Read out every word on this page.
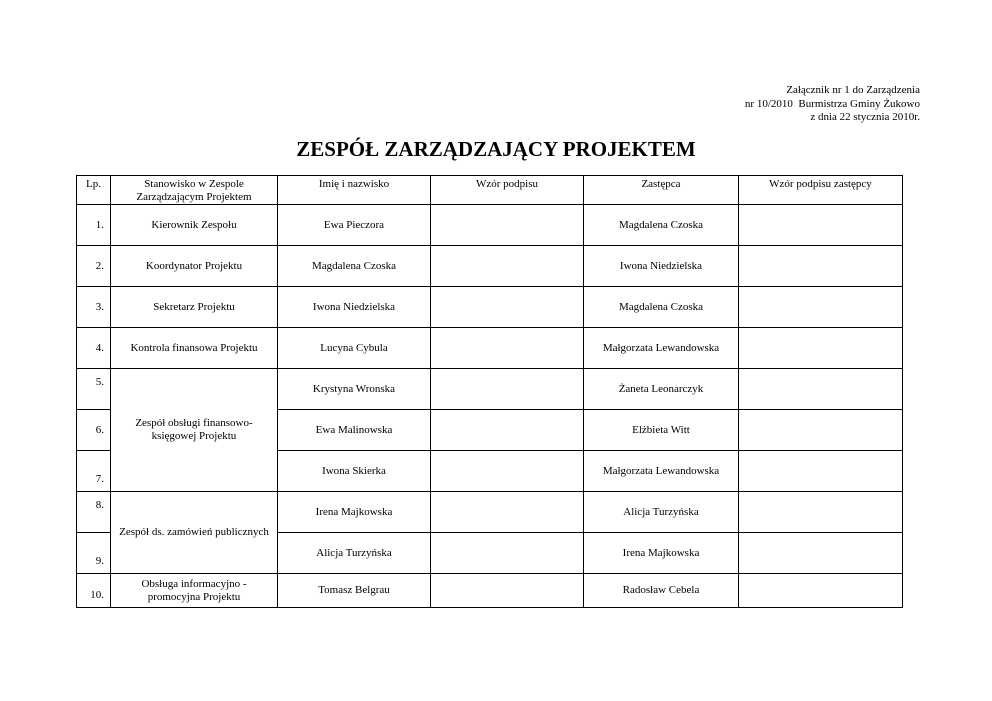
Załącznik nr 1 do Zarządzenia
nr 10/2010  Burmistrza Gminy Żukowo
z dnia 22 stycznia 2010r.
ZESPÓŁ ZARZĄDZAJĄCY PROJEKTEM
Lp.	Stanowisko w Zespole Zarządzającym Projektem	Imię i nazwisko	Wzór podpisu	Zastępca	Wzór podpisu zastępcy
1.	Kierownik Zespołu	Ewa Pieczora		Magdalena Czoska	
2.	Koordynator Projektu	Magdalena Czoska		Iwona Niedzielska	
3.	Sekretarz Projektu	Iwona Niedzielska		Magdalena Czoska	
4.	Kontrola finansowa Projektu	Lucyna Cybula		Małgorzata Lewandowska	
5.	Zespół obsługi finansowo-księgowej Projektu	Krystyna Wronska		Żaneta Leonarczyk	
6.		Ewa Malinowska		Elżbieta Witt	
7.		Iwona Skierka		Małgorzata Lewandowska	
8.	Zespół ds. zamówień publicznych	Irena Majkowska		Alicja Turzyńska	
9.		Alicja Turzyńska		Irena Majkowska	
10.	Obsługa informacyjno - promocyjna Projektu	Tomasz Belgrau		Radosław Cebela	
